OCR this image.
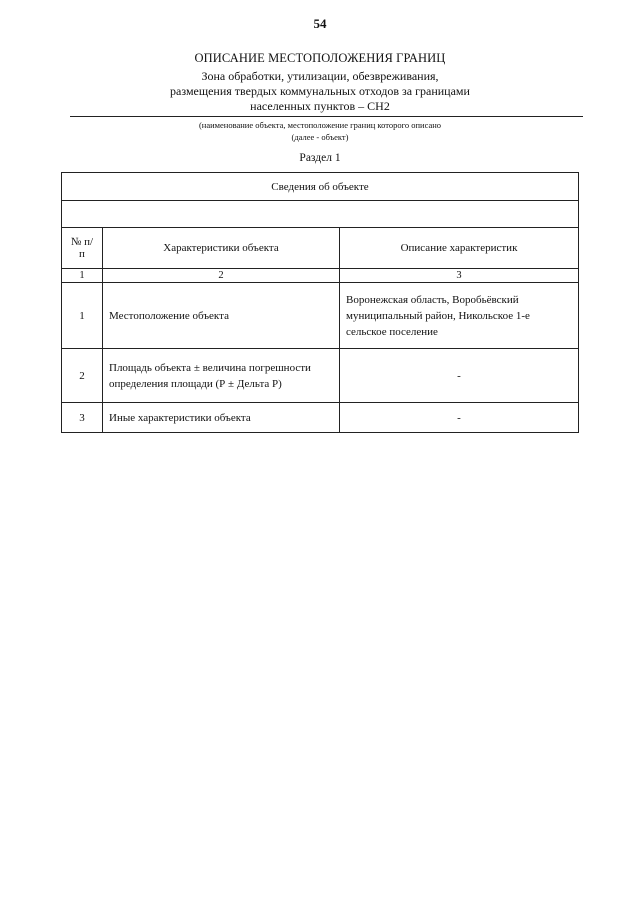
54
ОПИСАНИЕ МЕСТОПОЛОЖЕНИЯ ГРАНИЦ
Зона обработки, утилизации, обезвреживания,
размещения твердых коммунальных отходов за границами
населенных пунктов – СН2
(наименование объекта, местоположение границ которого описано
(далее - объект)
Раздел 1
Сведения об объекте		

№ п/п	Характеристики объекта	Описание характеристик
1	2	3
1	Местоположение объекта	Воронежская область, Воробьёвский муниципальный район, Никольское 1-е сельское поселение
2	Площадь объекта ± величина погрешности определения площади (Р ± Дельта Р)	-
3	Иные характеристики объекта	-
